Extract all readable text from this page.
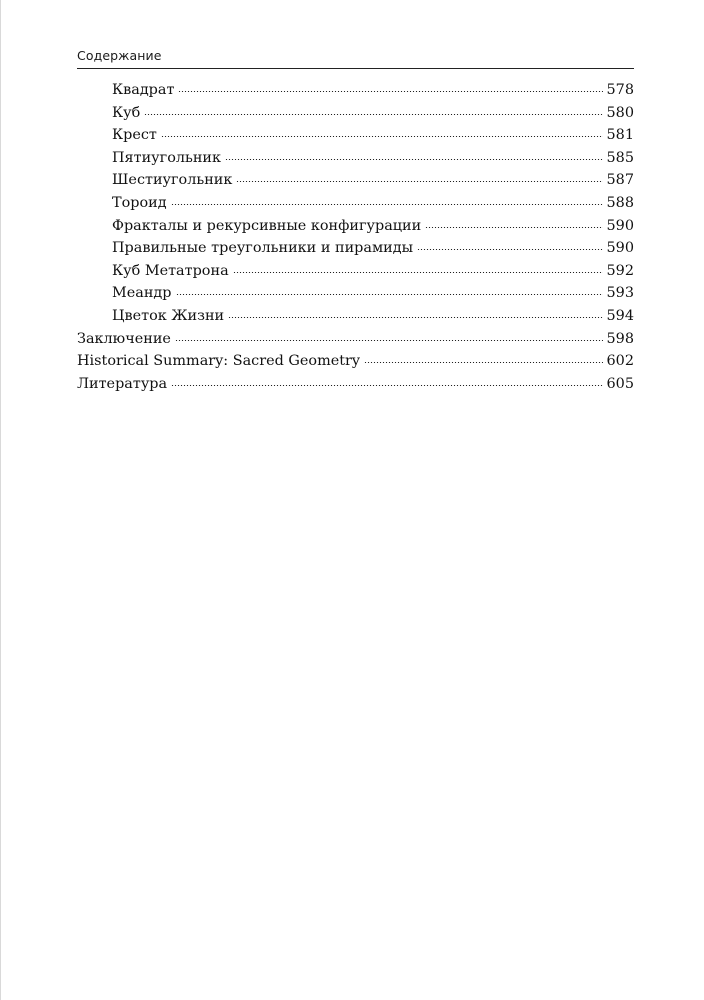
Содержание
Квадрат	578
Куб	580
Крест	581
Пятиугольник	585
Шестиугольник	587
Тороид	588
Фракталы и рекурсивные конфигурации	590
Правильные треугольники и пирамиды	590
Куб Метатрона	592
Меандр	593
Цветок Жизни	594
Заключение	598
Historical Summary: Sacred Geometry	602
Литература	605
